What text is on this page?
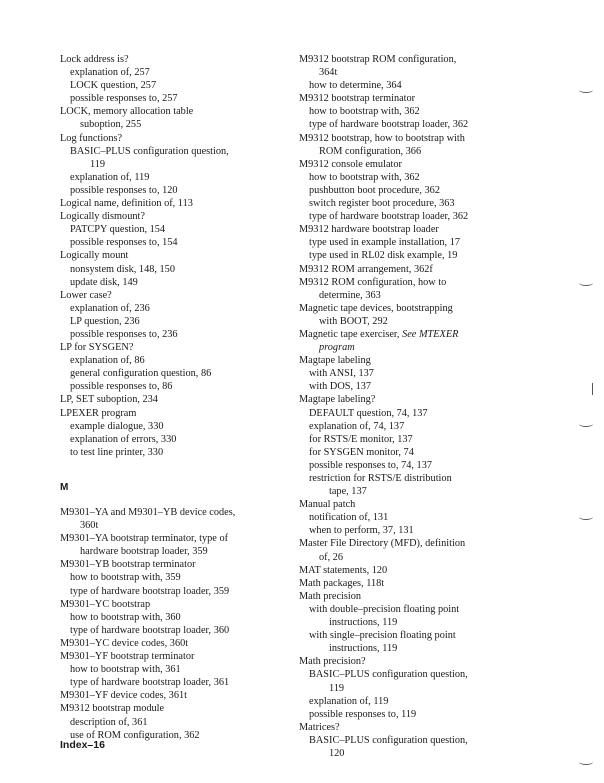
Lock address is?
explanation of, 257
LOCK question, 257
possible responses to, 257
LOCK, memory allocation table
suboption, 255
Log functions?
BASIC–PLUS configuration question,
119
explanation of, 119
possible responses to, 120
Logical name, definition of, 113
Logically dismount?
PATCPY question, 154
possible responses to, 154
Logically mount
nonsystem disk, 148, 150
update disk, 149
Lower case?
explanation of, 236
LP question, 236
possible responses to, 236
LP for SYSGEN?
explanation of, 86
general configuration question, 86
possible responses to, 86
LP, SET suboption, 234
LPEXER program
example dialogue, 330
explanation of errors, 330
to test line printer, 330
M
M9301–YA and M9301–YB device codes,
360t
M9301–YA bootstrap terminator, type of
hardware bootstrap loader, 359
M9301–YB bootstrap terminator
how to bootstrap with, 359
type of hardware bootstrap loader, 359
M9301–YC bootstrap
how to bootstrap with, 360
type of hardware bootstrap loader, 360
M9301–YC device codes, 360t
M9301–YF bootstrap terminator
how to bootstrap with, 361
type of hardware bootstrap loader, 361
M9301–YF device codes, 361t
M9312 bootstrap module
description of, 361
use of ROM configuration, 362
M9312 bootstrap ROM configuration,
364t
how to determine, 364
M9312 bootstrap terminator
how to bootstrap with, 362
type of hardware bootstrap loader, 362
M9312 bootstrap, how to bootstrap with
ROM configuration, 366
M9312 console emulator
how to bootstrap with, 362
pushbutton boot procedure, 362
switch register boot procedure, 363
type of hardware bootstrap loader, 362
M9312 hardware bootstrap loader
type used in example installation, 17
type used in RL02 disk example, 19
M9312 ROM arrangement, 362f
M9312 ROM configuration, how to
determine, 363
Magnetic tape devices, bootstrapping
with BOOT, 292
Magnetic tape exerciser, See MTEXER
program
Magtape labeling
with ANSI, 137
with DOS, 137
Magtape labeling?
DEFAULT question, 74, 137
explanation of, 74, 137
for RSTS/E monitor, 137
for SYSGEN monitor, 74
possible responses to, 74, 137
restriction for RSTS/E distribution
tape, 137
Manual patch
notification of, 131
when to perform, 37, 131
Master File Directory (MFD), definition
of, 26
MAT statements, 120
Math packages, 118t
Math precision
with double–precision floating point
instructions, 119
with single–precision floating point
instructions, 119
Math precision?
BASIC–PLUS configuration question,
119
explanation of, 119
possible responses to, 119
Matrices?
BASIC–PLUS configuration question,
120
Index–16
